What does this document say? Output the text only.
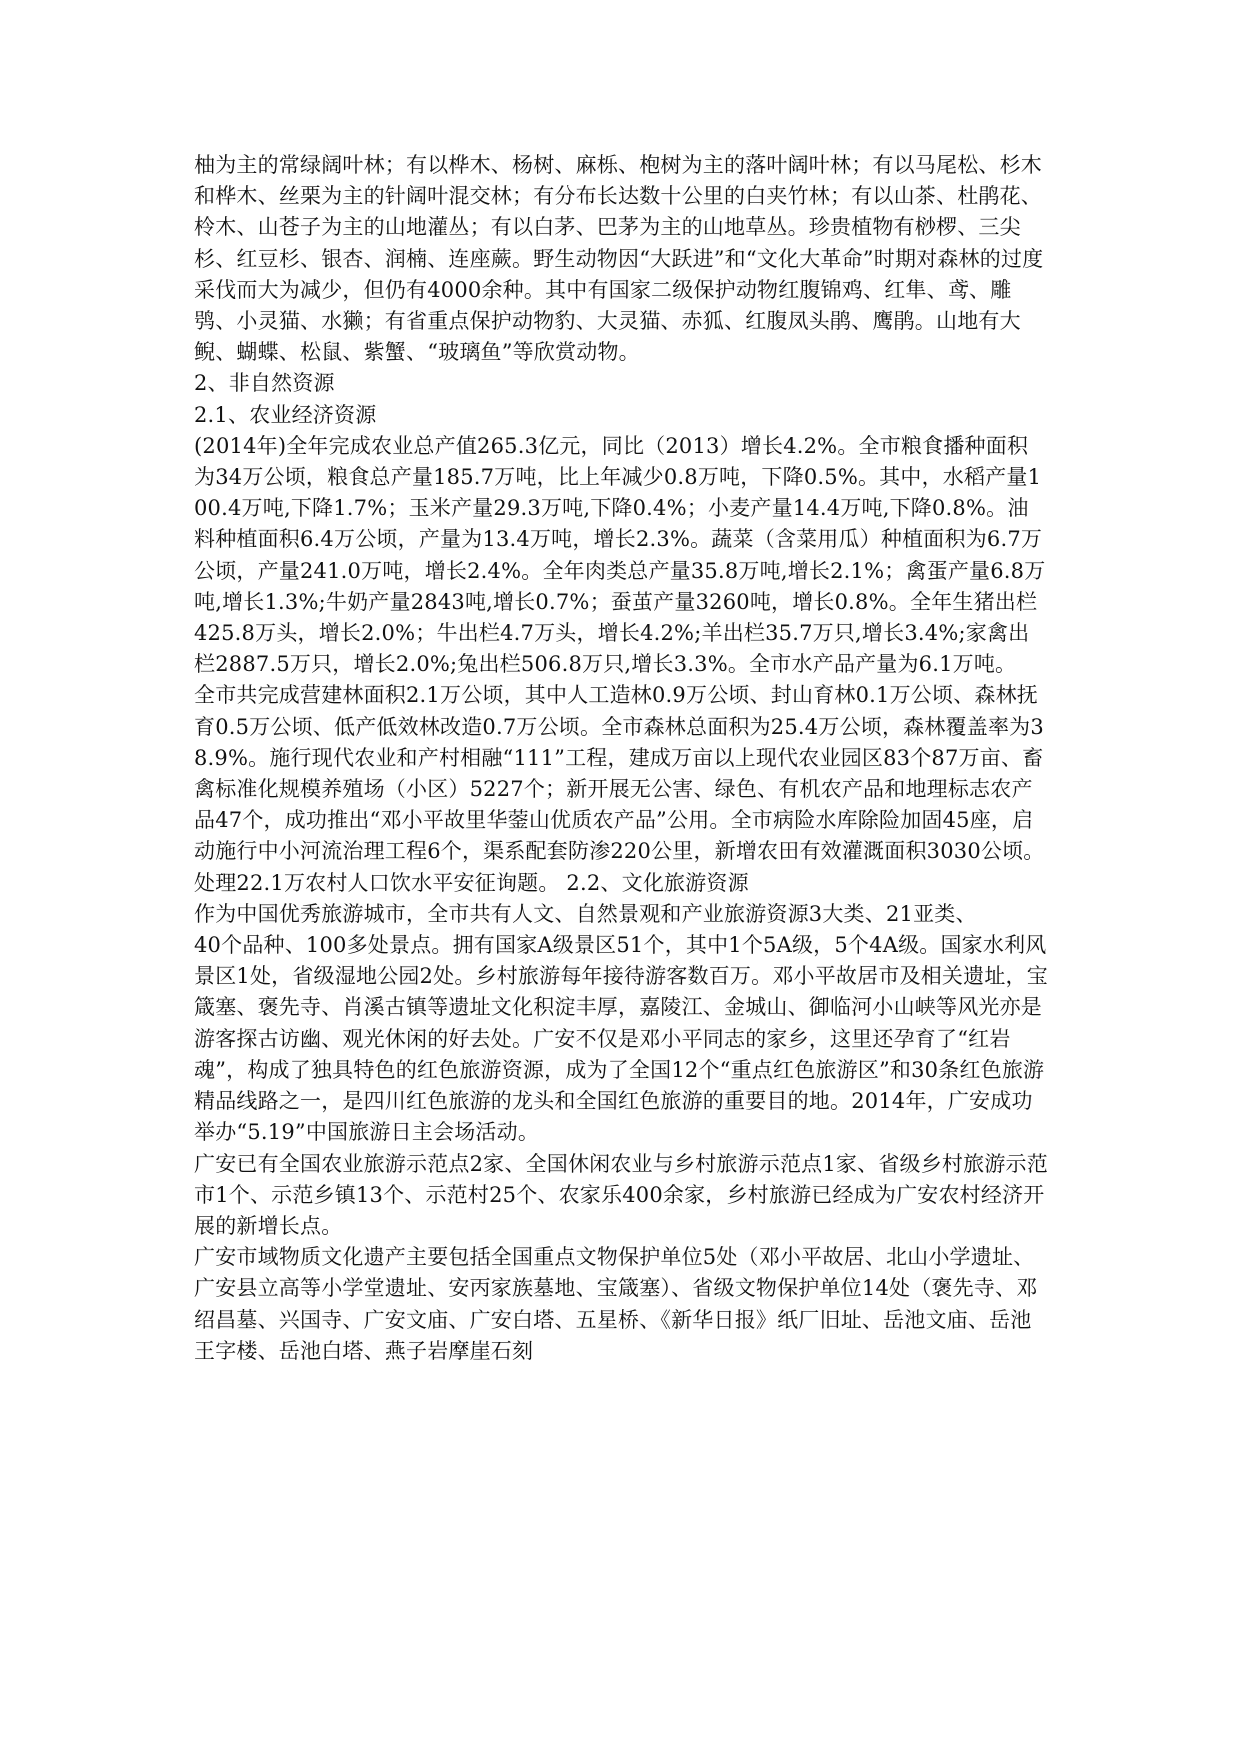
柚为主的常绿阔叶林；有以桦木、杨树、麻栎、枹树为主的落叶阔叶林；有以马尾松、杉木和桦木、丝栗为主的针阔叶混交林；有分布长达数十公里的白夹竹林；有以山茶、杜鹃花、柃木、山苍子为主的山地灌丛；有以白茅、巴茅为主的山地草丛。珍贵植物有桫椤、三尖杉、红豆杉、银杏、润楠、连座蕨。野生动物因“大跃进”和“文化大革命”时期对森林的过度采伐而大为减少，但仍有4000余种。其中有国家二级保护动物红腹锦鸡、红隼、鸢、雕鸮、小灵猫、水獭；有省重点保护动物豹、大灵猫、赤狐、红腹凤头鹃、鹰鹃。山地有大鲵、蝴蝶、松鼠、紫蟹、“玻璃鱼”等欣赏动物。

2、非自然资源

2.1、农业经济资源

(2014年)全年完成农业总产值265.3亿元，同比（2013）增长4.2%。全市粮食播种面积为34万公顷，粮食总产量185.7万吨，比上年减少0.8万吨，下降0.5%。其中，水稻产量100.4万吨,下降1.7%；玉米产量29.3万吨,下降0.4%；小麦产量14.4万吨,下降0.8%。油料种植面积6.4万公顷，产量为13.4万吨，增长2.3%。蔬菜（含菜用瓜）种植面积为6.7万公顷，产量241.0万吨，增长2.4%。全年肉类总产量35.8万吨,增长2.1%；禽蛋产量6.8万吨,增长1.3%;牛奶产量2843吨,增长0.7%；蚕茧产量3260吨，增长0.8%。全年生猪出栏425.8万头，增长2.0%；牛出栏4.7万头，增长4.2%;羊出栏35.7万只,增长3.4%;家禽出栏2887.5万只，增长2.0%;兔出栏506.8万只,增长3.3%。全市水产品产量为6.1万吨。

全市共完成营建林面积2.1万公顷，其中人工造林0.9万公顷、封山育林0.1万公顷、森林抚育0.5万公顷、低产低效林改造0.7万公顷。全市森林总面积为25.4万公顷，森林覆盖率为38.9%。施行现代农业和产村相融“111”工程，建成万亩以上现代农业园区83个87万亩、畜禽标准化规模养殖场（小区）5227个；新开展无公害、绿色、有机农产品和地理标志农产品47个，成功推出“邓小平故里华蓥山优质农产品”公用。全市病险水库除险加固45座，启动施行中小河流治理工程6个，渠系配套防渗220公里，新增农田有效灌溉面积3030公顷。处理22.1万农村人口饮水平安征询题。 2.2、文化旅游资源

作为中国优秀旅游城市，全市共有人文、自然景观和产业旅游资源3大类、21亚类、

40个品种、100多处景点。拥有国家A级景区51个，其中1个5A级，5个4A级。国家水利风景区1处，省级湿地公园2处。乡村旅游每年接待游客数百万。邓小平故居市及相关遗址，宝箴塞、褒先寺、肖溪古镇等遗址文化积淀丰厚，嘉陵江、金城山、御临河小山峡等风光亦是游客探古访幽、观光休闲的好去处。广安不仅是邓小平同志的家乡，这里还孕育了“红岩魂”，构成了独具特色的红色旅游资源，成为了全国12个“重点红色旅游区”和30条红色旅游精品线路之一，是四川红色旅游的龙头和全国红色旅游的重要目的地。2014年，广安成功举办“5.19”中国旅游日主会场活动。

广安已有全国农业旅游示范点2家、全国休闲农业与乡村旅游示范点1家、省级乡村旅游示范市1个、示范乡镇13个、示范村25个、农家乐400余家，乡村旅游已经成为广安农村经济开展的新增长点。

广安市域物质文化遗产主要包括全国重点文物保护单位5处（邓小平故居、北山小学遗址、广安县立高等小学堂遗址、安丙家族墓地、宝箴塞）、省级文物保护单位14处（褒先寺、邓绍昌墓、兴国寺、广安文庙、广安白塔、五星桥、《新华日报》纸厂旧址、岳池文庙、岳池王字楼、岳池白塔、燕子岩摩崖石刻
